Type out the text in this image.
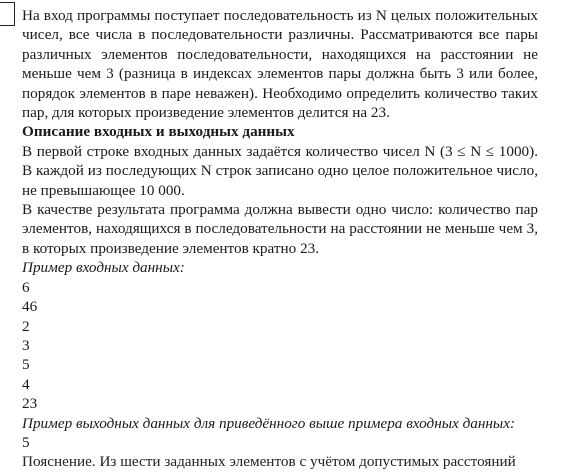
На вход программы поступает последовательность из N целых положительных чисел, все числа в последовательности различны. Рассматриваются все пары различных элементов последовательности, находящихся на расстоянии не меньше чем 3 (разница в индексах элементов пары должна быть 3 или более, порядок элементов в паре неважен). Необходимо определить количество таких пар, для которых произведение элементов делится на 23.

Описание входных и выходных данных

В первой строке входных данных задаётся количество чисел N (3 ≤ N ≤ 1000). В каждой из последующих N строк записано одно целое положительное число, не превышающее 10 000.

В качестве результата программа должна вывести одно число: количество пар элементов, находящихся в последовательности на расстоянии не меньше чем 3, в которых произведение элементов кратно 23.

Пример входных данных:

6
46
2
3
5
4
23

Пример выходных данных для приведённого выше примера входных данных:

5

Пояснение. Из шести заданных элементов с учётом допустимых расстояний
